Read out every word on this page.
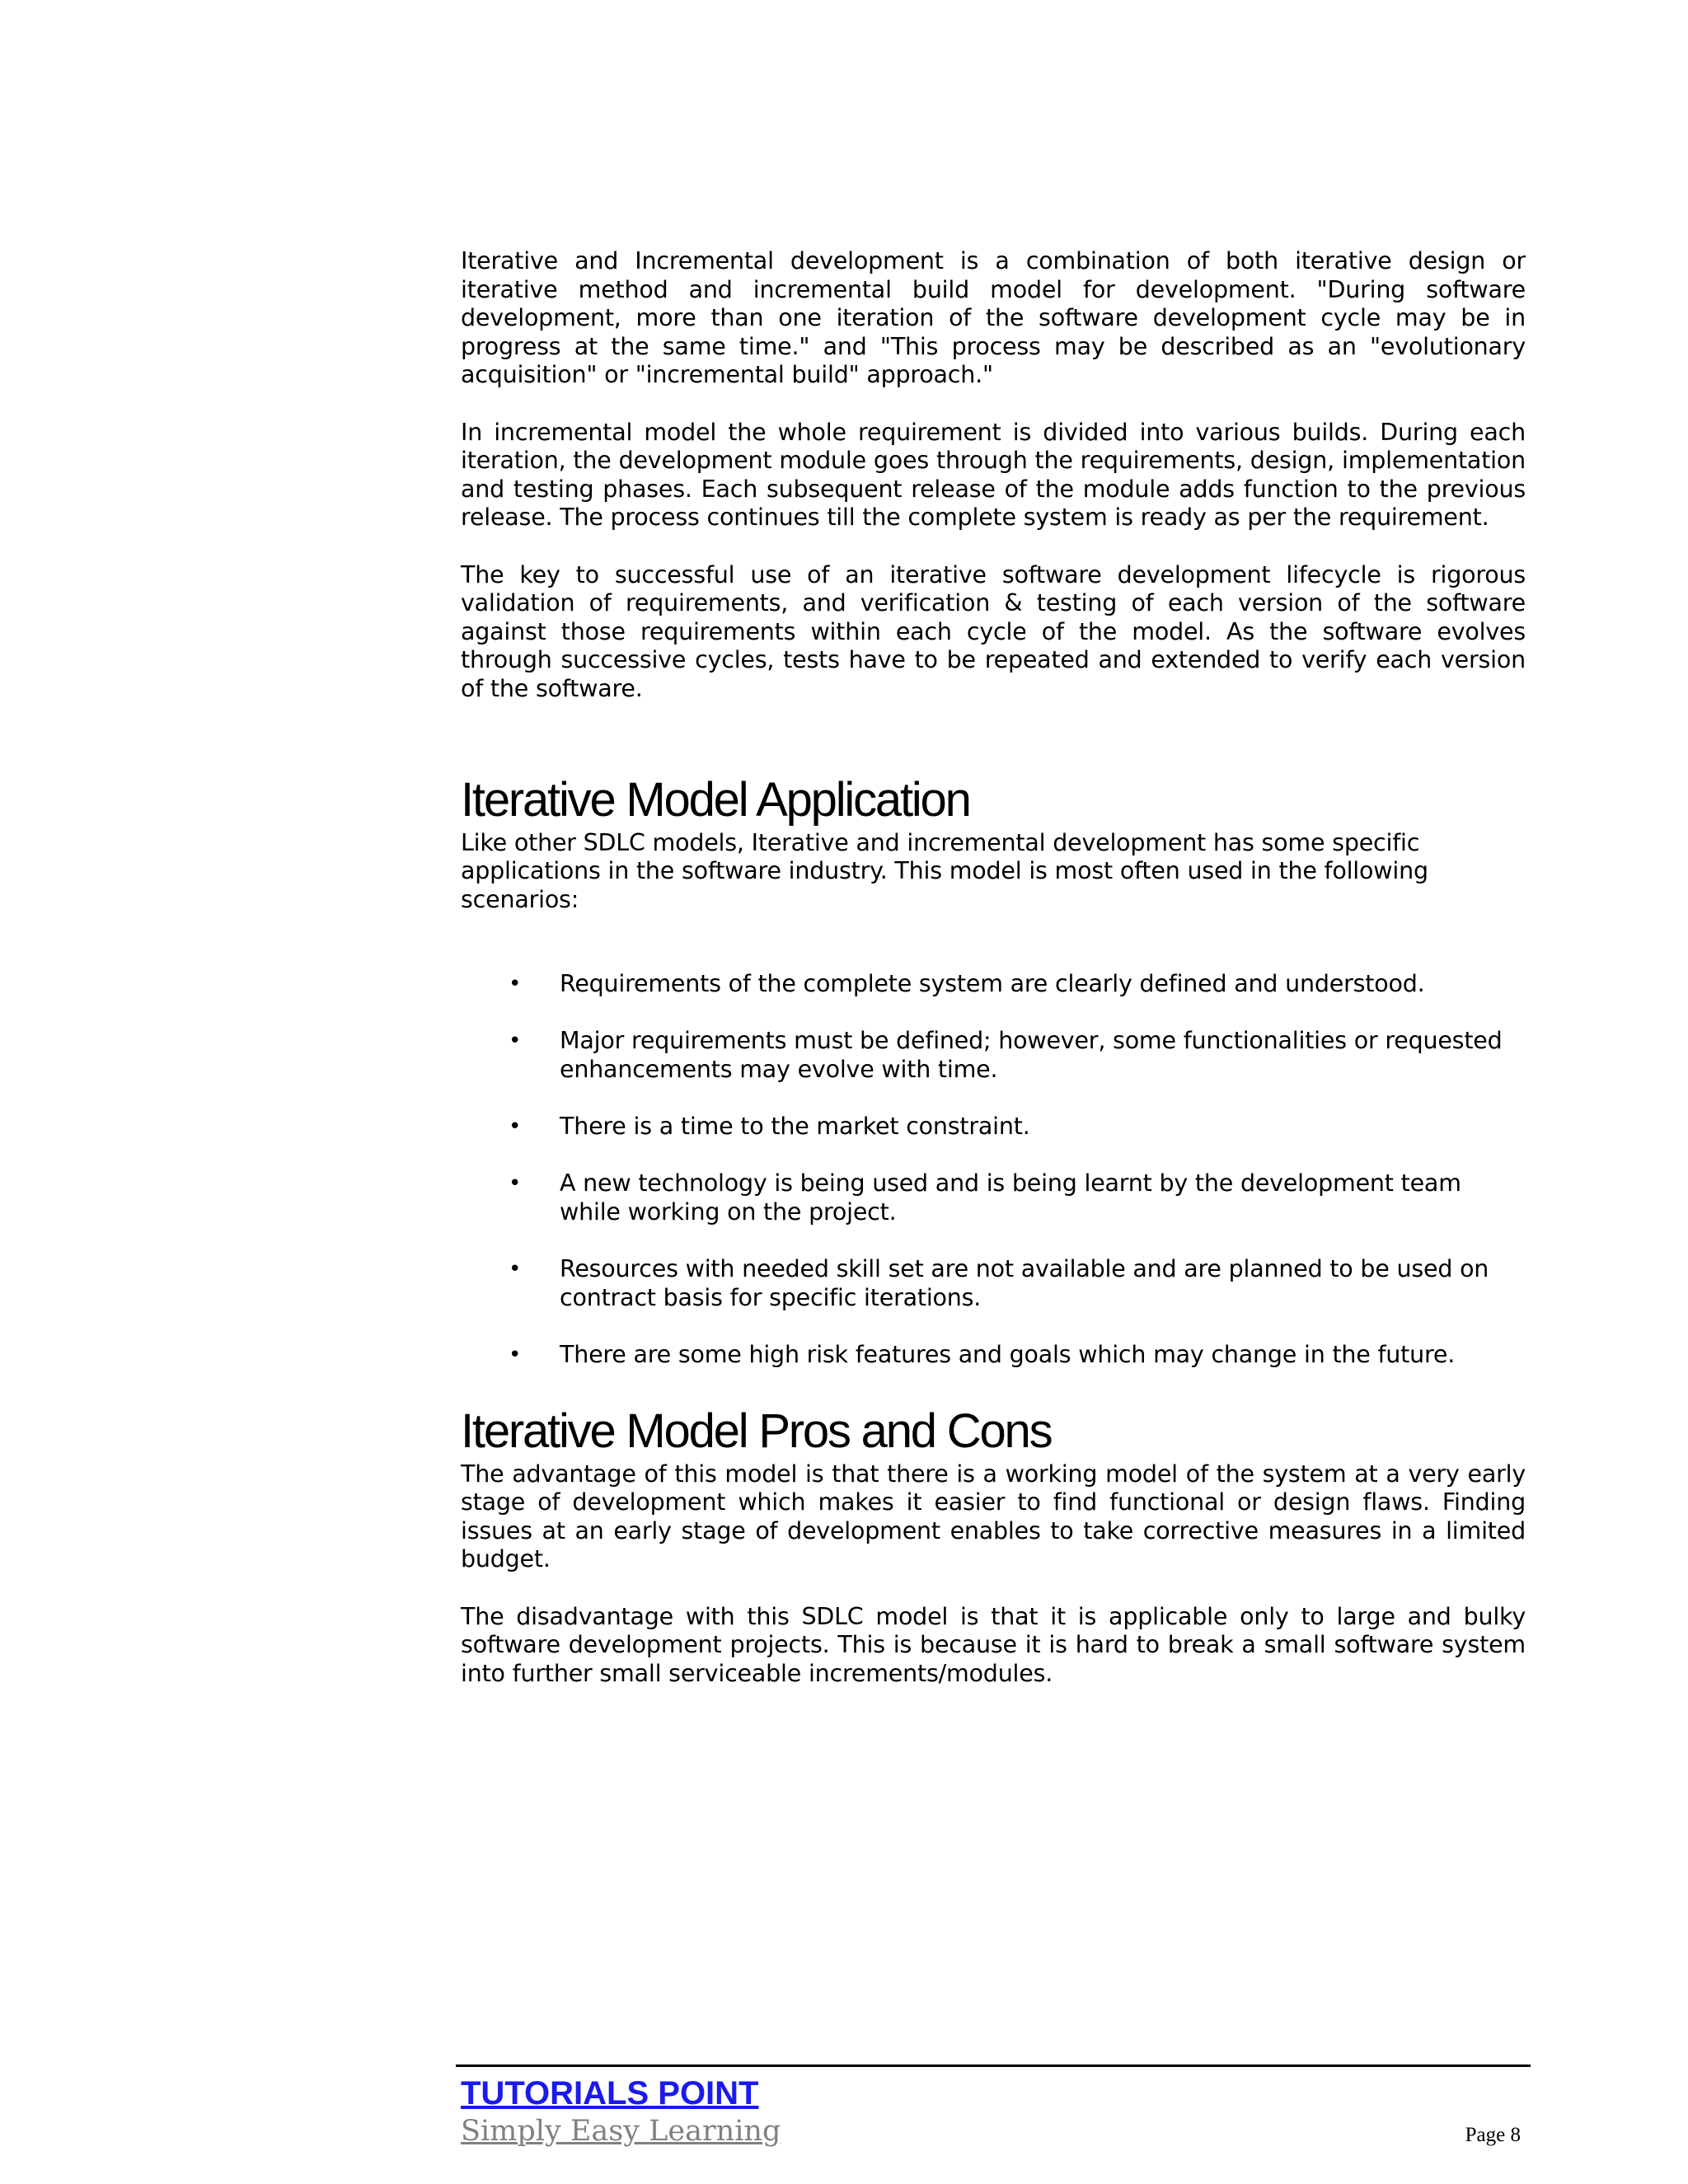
Iterative and Incremental development is a combination of both iterative design or iterative method and incremental build model for development. "During software development, more than one iteration of the software development cycle may be in progress at the same time." and "This process may be described as an "evolutionary acquisition" or "incremental build" approach."

In incremental model the whole requirement is divided into various builds. During each iteration, the development module goes through the requirements, design, implementation and testing phases. Each subsequent release of the module adds function to the previous release. The process continues till the complete system is ready as per the requirement.

The key to successful use of an iterative software development lifecycle is rigorous validation of requirements, and verification & testing of each version of the software against those requirements within each cycle of the model. As the software evolves through successive cycles, tests have to be repeated and extended to verify each version of the software.

Iterative Model Application

Like other SDLC models, Iterative and incremental development has some specific applications in the software industry. This model is most often used in the following scenarios:

• Requirements of the complete system are clearly defined and understood.
• Major requirements must be defined; however, some functionalities or requested enhancements may evolve with time.
• There is a time to the market constraint.
• A new technology is being used and is being learnt by the development team while working on the project.
• Resources with needed skill set are not available and are planned to be used on contract basis for specific iterations.
• There are some high risk features and goals which may change in the future.
Iterative Model Pros and Cons

The advantage of this model is that there is a working model of the system at a very early stage of development which makes it easier to find functional or design flaws. Finding issues at an early stage of development enables to take corrective measures in a limited budget.

The disadvantage with this SDLC model is that it is applicable only to large and bulky software development projects. This is because it is hard to break a small software system into further small serviceable increments/modules.

TUTORIALS POINT
Simply Easy Learning	Page 8
